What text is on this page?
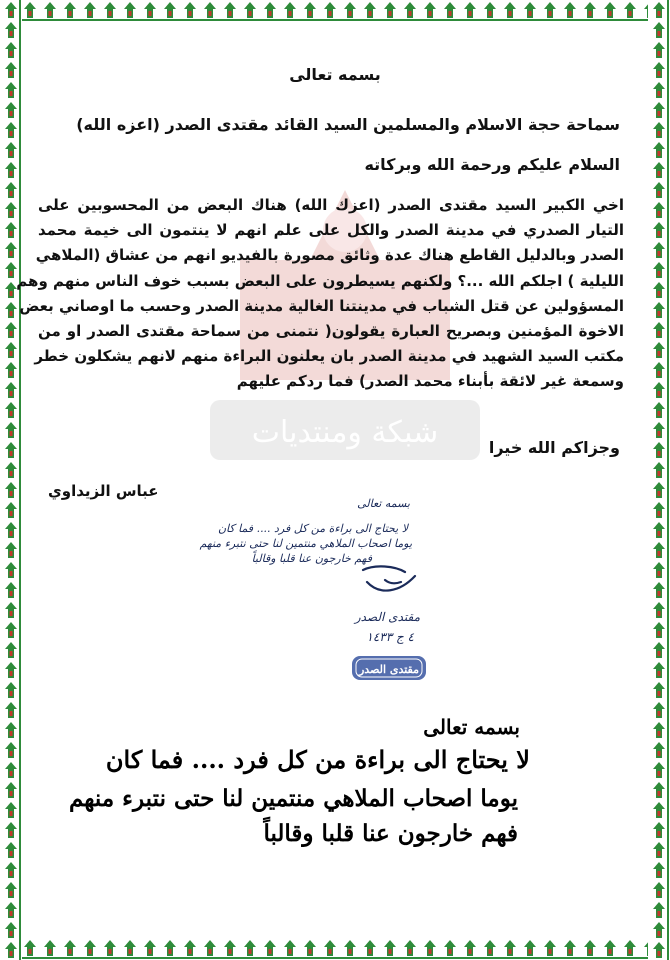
شبكة ومنتديات
بسمه تعالى
سماحة حجة الاسلام والمسلمين السيد القائد مقتدى الصدر (اعزه الله)
السلام عليكم ورحمة الله وبركاته
اخي الكبير السيد مقتدى الصدر (اعزك الله) هناك البعض من المحسوبين على
التيار الصدري في مدينة الصدر والكل على علم انهم لا ينتمون الى خيمة محمد
الصدر وبالدليل القاطع هناك عدة وثائق مصورة بالفيديو انهم من عشاق (الملاهي
الليلية ) اجلكم الله ...؟ ولكنهم يسيطرون على البعض بسبب خوف الناس منهم وهم
المسؤولين عن قتل الشباب في مدينتنا الغالية مدينة الصدر وحسب ما اوصاني بعض
الاخوة المؤمنين وبصريح العبارة يقولون( نتمنى من سماحة مقتدى الصدر او من
مكتب السيد الشهيد في مدينة الصدر بان يعلنون البراءة منهم لانهم يشكلون خطر
وسمعة غير لائقة بأبناء محمد الصدر) فما ردكم عليهم
وجزاكم الله خيرا
عباس الزيداوي
بسمه تعالى
لا يحتاج الى براءة من كل فرد .... فما كان
يوما اصحاب الملاهي منتمين لنا حتى نتبرء منهم
فهم خارجون عنا قلبا وقالباً
مقتدى الصدر
٤ ج ١٤٣٣
مقتدى الصدر
بسمه تعالى
لا يحتاج الى براءة من كل فرد .... فما كان
يوما اصحاب الملاهي منتمين لنا حتى نتبرء منهم
فهم خارجون عنا قلبا وقالباً
